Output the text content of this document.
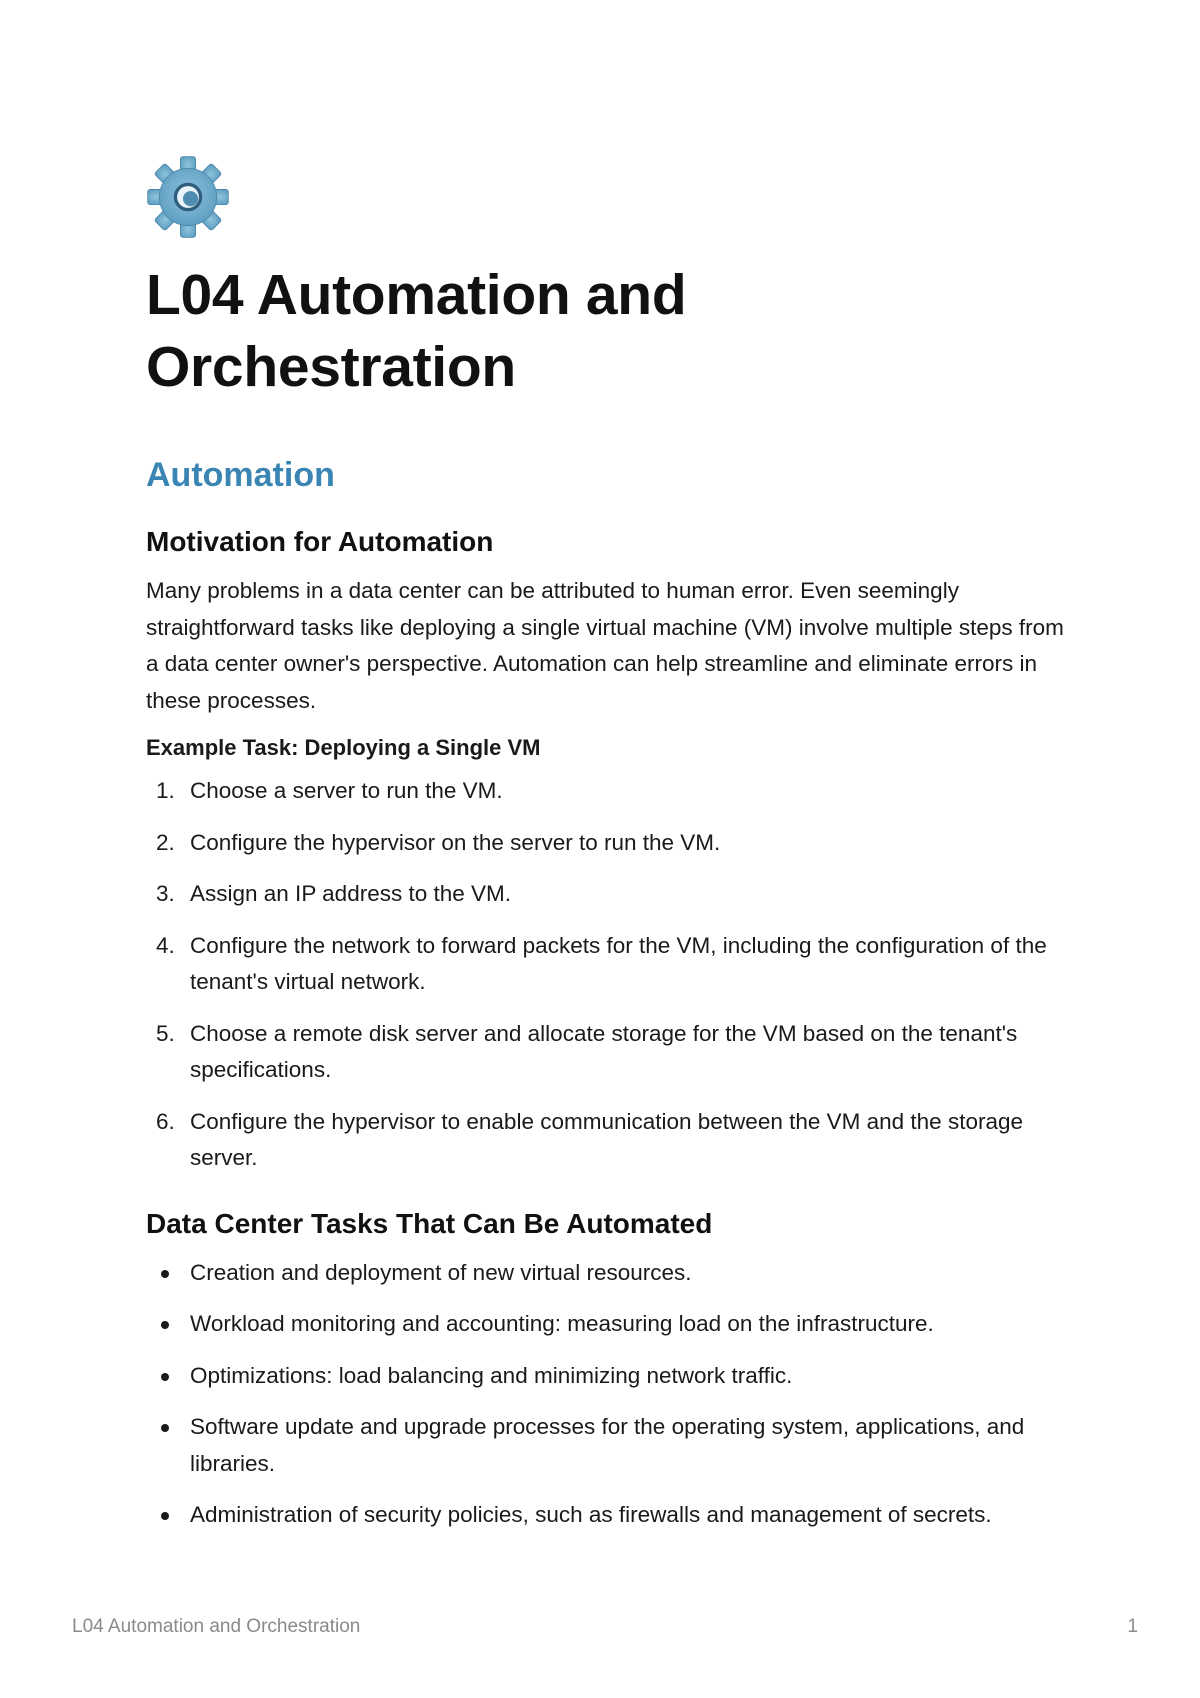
L04 Automation and Orchestration
Automation
Motivation for Automation

Many problems in a data center can be attributed to human error. Even seemingly straightforward tasks like deploying a single virtual machine (VM) involve multiple steps from a data center owner's perspective. Automation can help streamline and eliminate errors in these processes.

Example Task: Deploying a Single VM

1. Choose a server to run the VM.
2. Configure the hypervisor on the server to run the VM.
3. Assign an IP address to the VM.
4. Configure the network to forward packets for the VM, including the configuration of the tenant's virtual network.
5. Choose a remote disk server and allocate storage for the VM based on the tenant's specifications.
6. Configure the hypervisor to enable communication between the VM and the storage server.
Data Center Tasks That Can Be Automated
Creation and deployment of new virtual resources.
Workload monitoring and accounting: measuring load on the infrastructure.
Optimizations: load balancing and minimizing network traffic.
Software update and upgrade processes for the operating system, applications, and libraries.
Administration of security policies, such as firewalls and management of secrets.
L04 Automation and Orchestration	1
